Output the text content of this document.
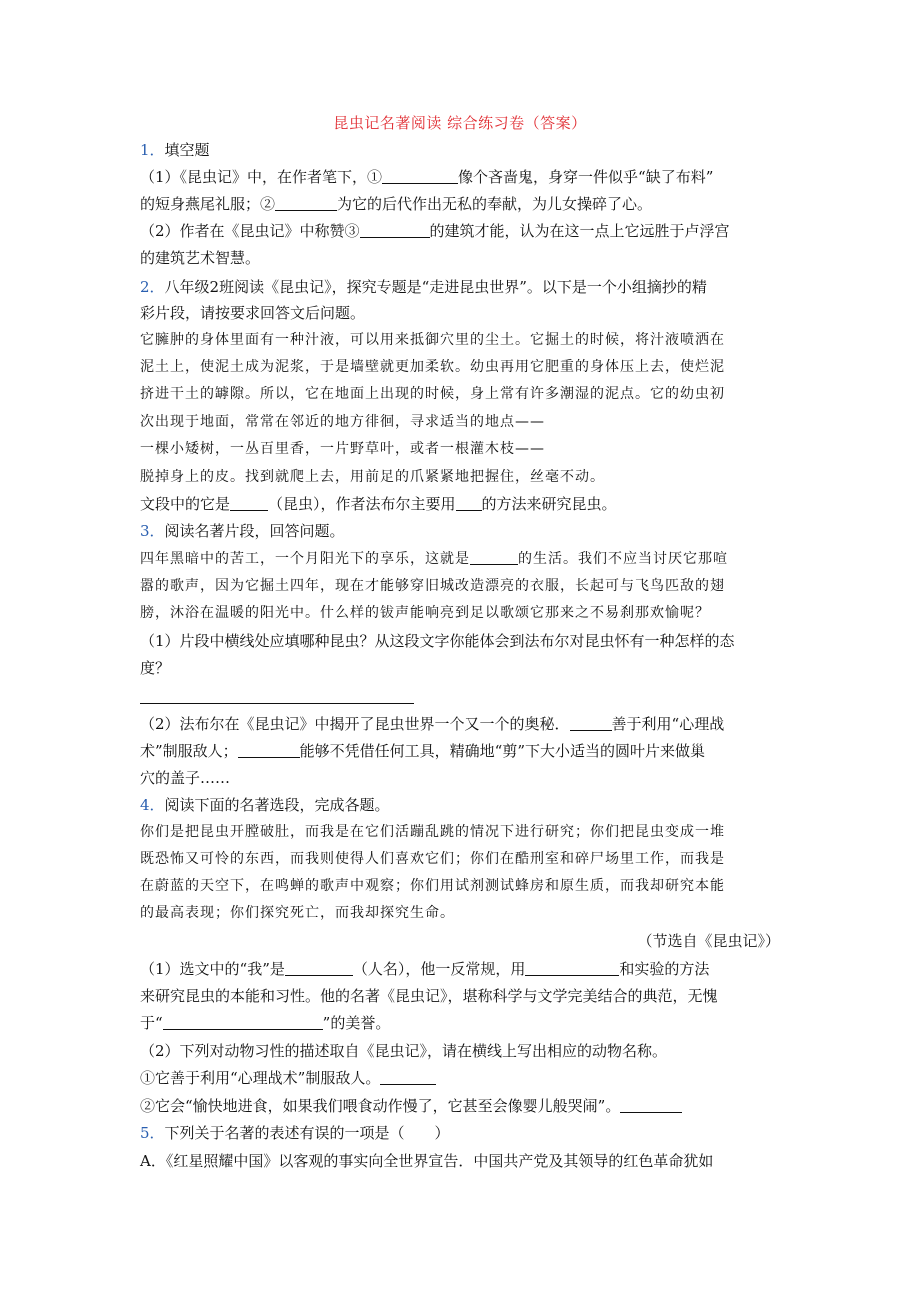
昆虫记名著阅读 综合练习卷（答案）
1．填空题
（1）《昆虫记》中，在作者笔下，①	像个吝啬鬼，身穿一件似乎“缺了布料”
的短身燕尾礼服；②	为它的后代作出无私的奉献，为儿女操碎了心。
（2）作者在《昆虫记》中称赞③	的建筑才能，认为在这一点上它远胜于卢浮宫
的建筑艺术智慧。
2．八年级2班阅读《昆虫记》，探究专题是“走进昆虫世界”。以下是一个小组摘抄的精
彩片段，请按要求回答文后问题。
它臃肿的身体里面有一种汁液，可以用来抵御穴里的尘土。它掘土的时候，将汁液喷洒在
泥土上，使泥土成为泥浆，于是墙壁就更加柔软。幼虫再用它肥重的身体压上去，使烂泥
挤进干土的罅隙。所以，它在地面上出现的时候，身上常有许多潮湿的泥点。它的幼虫初
次出现于地面，常常在邻近的地方徘徊，寻求适当的地点——
一棵小矮树，一丛百里香，一片野草叶，或者一根灌木枝——
脱掉身上的皮。找到就爬上去，用前足的爪紧紧地把握住，丝毫不动。
文段中的它是	（昆虫），作者法布尔主要用 的方法来研究昆虫。
3．阅读名著片段，回答问题。
四年黑暗中的苦工，一个月阳光下的享乐，这就是	的生活。我们不应当讨厌它那喧
嚣的歌声，因为它掘土四年，现在才能够穿旧城改造漂亮的衣服，长起可与飞鸟匹敌的翅
膀，沐浴在温暖的阳光中。什么样的钹声能响亮到足以歌颂它那来之不易刹那欢愉呢？
（1）片段中横线处应填哪种昆虫？从这段文字你能体会到法布尔对昆虫怀有一种怎样的态
度？
（2）法布尔在《昆虫记》中揭开了昆虫世界一个又一个的奥秘．	善于利用“心理战
术”制服敌人；	能够不凭借任何工具，精确地“剪”下大小适当的圆叶片来做巢
穴的盖子……
4．阅读下面的名著选段，完成各题。
你们是把昆虫开膛破肚，而我是在它们活蹦乱跳的情况下进行研究；你们把昆虫变成一堆
既恐怖又可怜的东西，而我则使得人们喜欢它们；你们在酷刑室和碎尸场里工作，而我是
在蔚蓝的天空下，在鸣蝉的歌声中观察；你们用试剂测试蜂房和原生质，而我却研究本能
的最高表现；你们探究死亡，而我却探究生命。
（节选自《昆虫记》）
（1）选文中的“我”是	（人名），他一反常规，用	和实验的方法
来研究昆虫的本能和习性。他的名著《昆虫记》，堪称科学与文学完美结合的典范，无愧
于“	”的美誉。
（2）下列对动物习性的描述取自《昆虫记》，请在横线上写出相应的动物名称。
①它善于利用“心理战术”制服敌人。
②它会“愉快地进食，如果我们喂食动作慢了，它甚至会像婴儿般哭闹”。
5．下列关于名著的表述有误的一项是（　　）
A．《红星照耀中国》以客观的事实向全世界宣告．中国共产党及其领导的红色革命犹如
